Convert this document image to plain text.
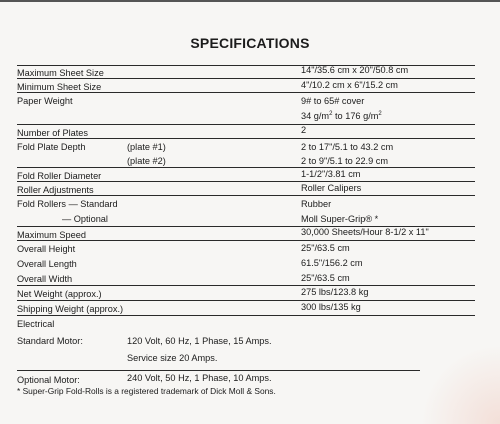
SPECIFICATIONS
Maximum Sheet Size	14"/35.6 cm x 20"/50.8 cm
Minimum Sheet Size	4"/10.2 cm x 6"/15.2 cm
Paper Weight	9# to 65# cover
34 $g/m^2$ to 176 $g/m^2$
Number of Plates	2
Fold Plate Depth	(plate #1)	2 to 17"/5.1 to 43.2 cm
(plate #2)	2 to 9"/5.1 to 22.9 cm
Fold Roller Diameter	1-1/2"/3.81 cm
Roller Adjustments	Roller Calipers
Fold Rollers — Standard	Rubber
— Optional	Moll Super-Grip® *
Maximum Speed	30,000 Sheets/Hour 8-1/2 x 11"
Overall Height	25"/63.5 cm
Overall Length	61.5"/156.2 cm
Overall Width	25"/63.5 cm
Net Weight (approx.)	275 lbs/123.8 kg
Shipping Weight (approx.)	300 lbs/135 kg
Electrical
Standard Motor:	120 Volt, 60 Hz, 1 Phase, 15 Amps.
Service size 20 Amps.
Optional Motor:	240 Volt, 50 Hz, 1 Phase, 10 Amps.
* Super-Grip Fold-Rolls is a registered trademark of Dick Moll & Sons.
